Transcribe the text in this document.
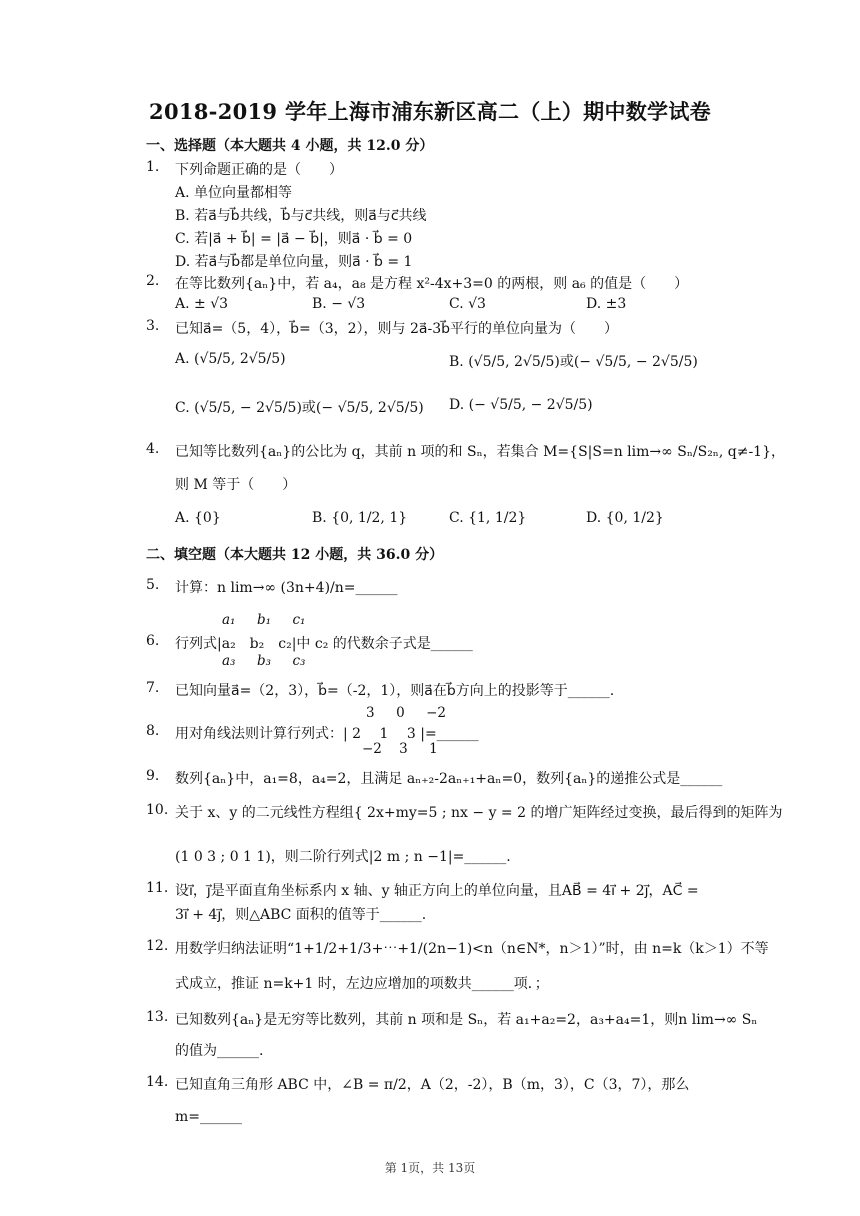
2018-2019 学年上海市浦东新区高二（上）期中数学试卷
一、选择题（本大题共 4 小题，共 12.0 分）
1. 下列命题正确的是（　　）
A. 单位向量都相等
B. 若a⃗与b⃗共线，b⃗与c⃗共线，则a⃗与c⃗共线
C. 若|a⃗ + b⃗| = |a⃗ − b⃗|，则a⃗ · b⃗ = 0
D. 若a⃗与b⃗都是单位向量，则a⃗ · b⃗ = 1
2. 在等比数列{aₙ}中，若 a₄，a₈ 是方程 x²-4x+3=0 的两根，则 a₆ 的值是（　　）
A. ± √3	B. − √3	C. √3	D. ±3
3. 已知a⃗=（5，4），b⃗=（3，2），则与 2a⃗-3b⃗平行的单位向量为（　　）
A. (√5/5, 2√5/5)	B. (√5/5, 2√5/5)或(− √5/5, − 2√5/5)
C. (√5/5, − 2√5/5)或(− √5/5, 2√5/5) D. (− √5/5, − 2√5/5)
4. 已知等比数列{aₙ}的公比为 q，其前 n 项的和 Sₙ，若集合 M={S|S=n lim→∞ Sₙ/S₂ₙ, q≠-1}，
则 M 等于（　　）
A. {0}	B. {0, 1/2, 1}	C. {1, 1/2}	D. {0, 1/2}
二、填空题（本大题共 12 小题，共 36.0 分）
5. 计算：n lim→∞ (3n+4)/n=______
a₁ b₁ c₁
6. 行列式|a₂　b₂　c₂|中 c₂ 的代数余子式是______
a₃ b₃ c₃
7. 已知向量a⃗=（2，3），b⃗=（-2，1），则a⃗在b⃗方向上的投影等于______.
3 0 −2
8. 用对角线法则计算行列式：| 2　 1　 3 |=______
−2 3 1
9. 数列{aₙ}中，a₁=8，a₄=2，且满足 aₙ₊₂-2aₙ₊₁+aₙ=0，数列{aₙ}的递推公式是______
10. 关于 x、y 的二元线性方程组{ 2x+my=5 ; nx − y = 2 的增广矩阵经过变换，最后得到的矩阵为
(1 0 3 ; 0 1 1)，则二阶行列式|2 m ; n −1|=______.
11. 设i⃗，j⃗是平面直角坐标系内 x 轴、y 轴正方向上的单位向量，且AB⃗ = 4i⃗ + 2j⃗，AC⃗ =
3i⃗ + 4j⃗，则△ABC 面积的值等于______.
12. 用数学归纳法证明“1+1/2+1/3+⋯+1/(2n−1)<n（n∈N*，n＞1）”时，由 n=k（k＞1）不等
式成立，推证 n=k+1 时，左边应增加的项数共______项．；
13. 已知数列{aₙ}是无穷等比数列，其前 n 项和是 Sₙ，若 a₁+a₂=2，a₃+a₄=1，则n lim→∞ Sₙ
的值为______.
14. 已知直角三角形 ABC 中，∠B = π/2，A（2，-2），B（m，3），C（3，7），那么
m=______
第 1页，共 13页
